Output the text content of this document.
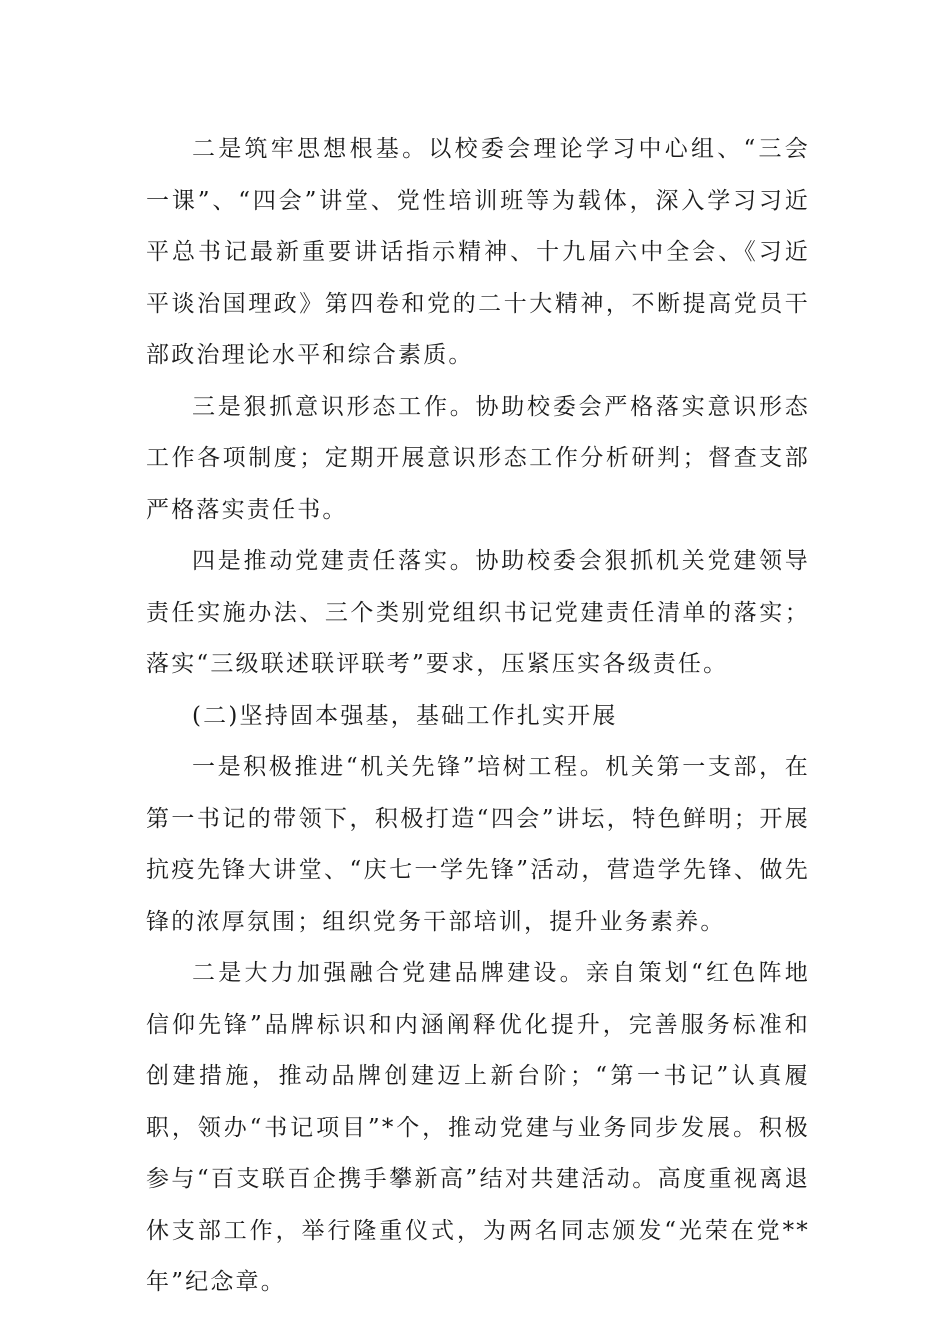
二是筑牢思想根基。以校委会理论学习中心组、“三会一课”、“四会”讲堂、党性培训班等为载体，深入学习习近平总书记最新重要讲话指示精神、十九届六中全会、《习近平谈治国理政》第四卷和党的二十大精神，不断提高党员干部政治理论水平和综合素质。

三是狠抓意识形态工作。协助校委会严格落实意识形态工作各项制度；定期开展意识形态工作分析研判；督查支部严格落实责任书。

四是推动党建责任落实。协助校委会狠抓机关党建领导责任实施办法、三个类别党组织书记党建责任清单的落实；落实“三级联述联评联考”要求，压紧压实各级责任。

(二)坚持固本强基，基础工作扎实开展

一是积极推进“机关先锋”培树工程。机关第一支部，在第一书记的带领下，积极打造“四会”讲坛，特色鲜明；开展抗疫先锋大讲堂、“庆七一学先锋”活动，营造学先锋、做先锋的浓厚氛围；组织党务干部培训，提升业务素养。

二是大力加强融合党建品牌建设。亲自策划“红色阵地信仰先锋”品牌标识和内涵阐释优化提升，完善服务标准和创建措施，推动品牌创建迈上新台阶；“第一书记”认真履职，领办“书记项目”*个，推动党建与业务同步发展。积极参与“百支联百企携手攀新高”结对共建活动。高度重视离退休支部工作，举行隆重仪式，为两名同志颁发“光荣在党**年”纪念章。
